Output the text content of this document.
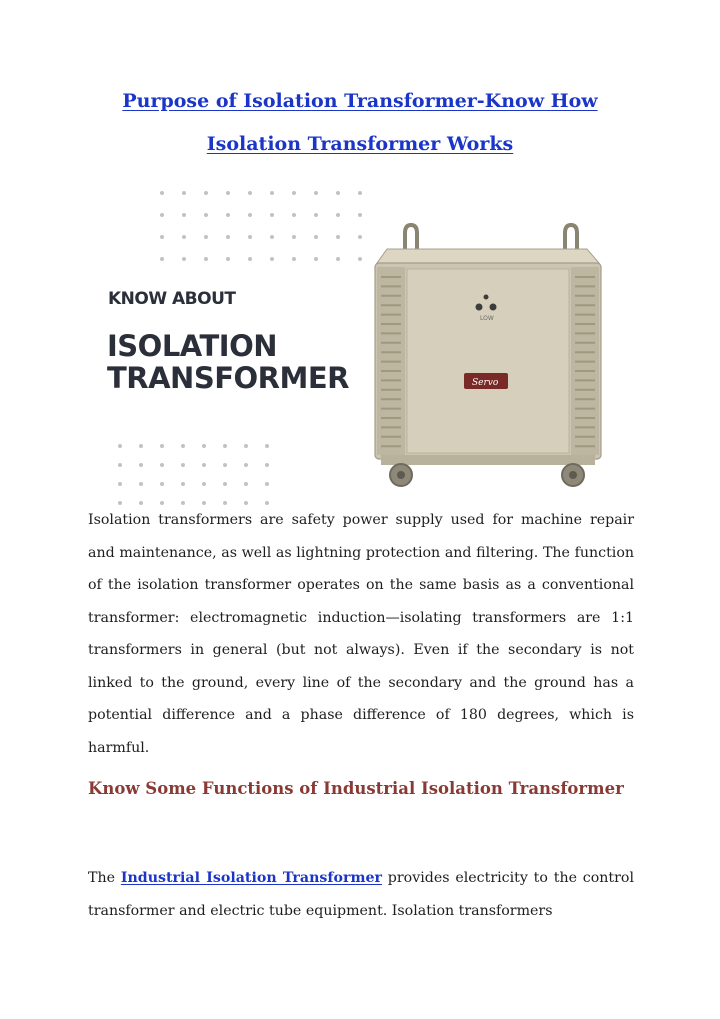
Purpose of Isolation Transformer-Know How
Isolation Transformer Works
KNOW ABOUT
ISOLATION
TRANSFORMER
LOW
Servo
Isolation transformers are safety power supply used for machine repair and maintenance, as well as lightning protection and filtering. The function of the isolation transformer operates on the same basis as a conventional transformer: electromagnetic induction—isolating transformers are 1:1 transformers in general (but not always). Even if the secondary is not linked to the ground, every line of the secondary and the ground has a potential difference and a phase difference of 180 degrees, which is harmful.
Know Some Functions of Industrial Isolation Transformer
The Industrial Isolation Transformer provides electricity to the control transformer and electric tube equipment. Isolation transformers
